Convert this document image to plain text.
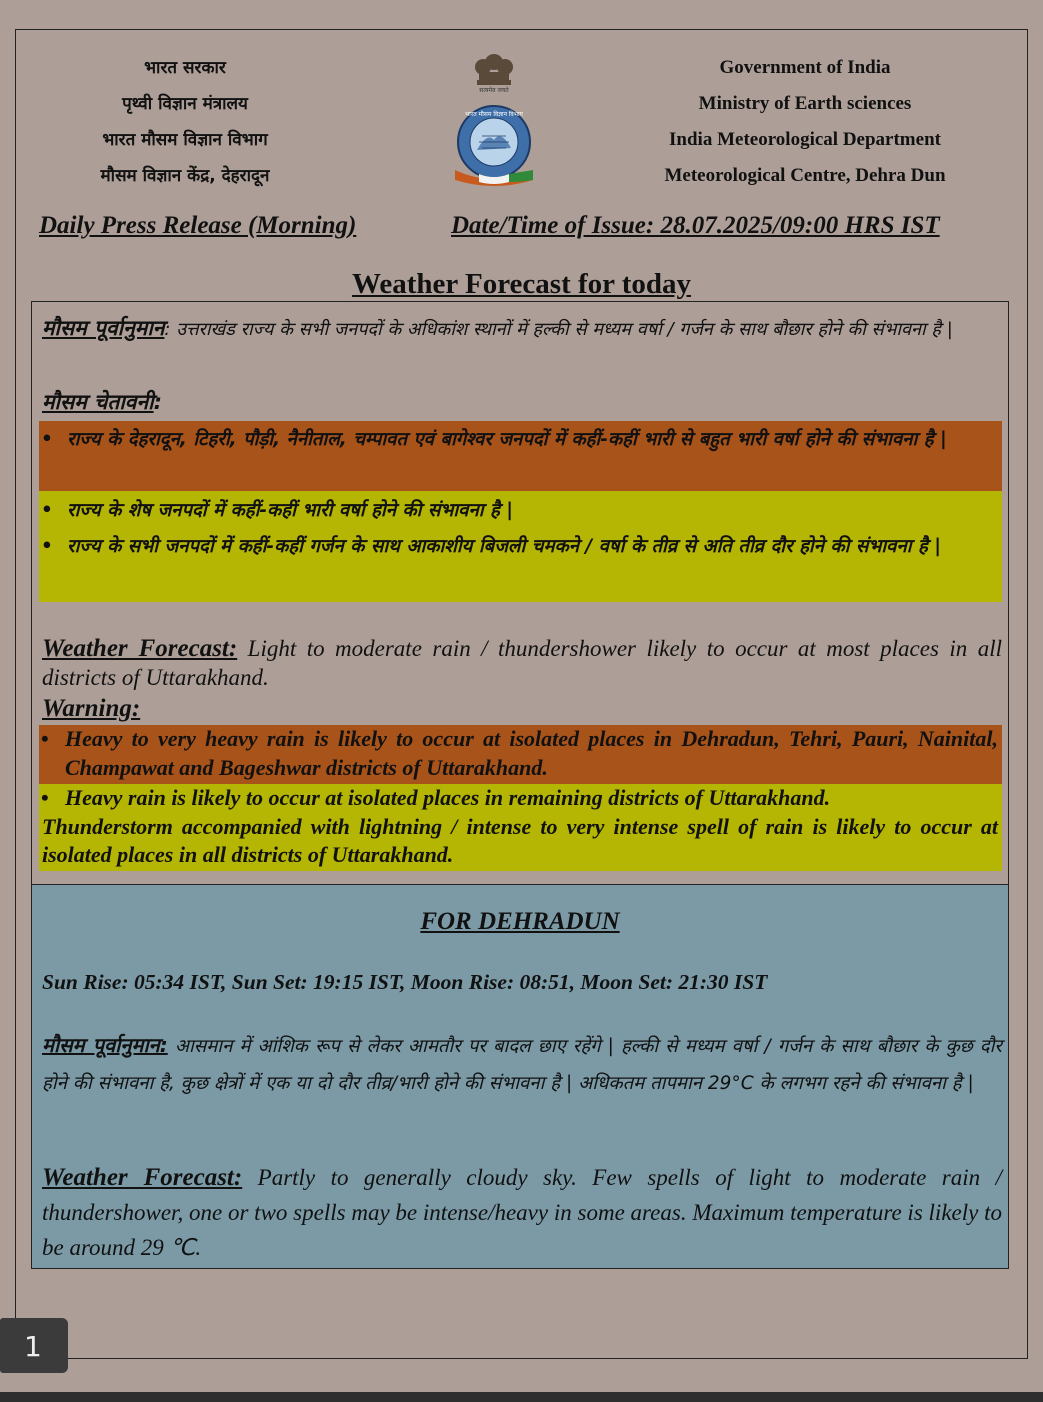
भारत सरकार
पृथ्वी विज्ञान मंत्रालय
भारत मौसम विज्ञान विभाग
मौसम विज्ञान केंद्र, देहरादून
सत्यमेव जयते
भारत मौसम विज्ञान विभाग
Government of India
Ministry of Earth sciences
India Meteorological Department
Meteorological Centre, Dehra Dun
Daily Press Release (Morning)	Date/Time of Issue: 28.07.2025/09:00 HRS IST
Weather Forecast for today
मौसम पूर्वानुमान: उत्तराखंड राज्य के सभी जनपदों के अधिकांश स्थानों में हल्की से मध्यम वर्षा / गर्जन के साथ बौछार होने की संभावना है |
मौसम चेतावनी:
• राज्य के देहरादून, टिहरी, पौड़ी, नैनीताल, चम्पावत एवं बागेश्वर जनपदों में कहीं-कहीं भारी से बहुत भारी वर्षा होने की संभावना है |
• राज्य के शेष जनपदों में कहीं-कहीं भारी वर्षा होने की संभावना है |
• राज्य के सभी जनपदों में कहीं-कहीं गर्जन के साथ आकाशीय बिजली चमकने / वर्षा के तीव्र से अति तीव्र दौर होने की संभावना है |
Weather Forecast: Light to moderate rain / thundershower likely to occur at most places in all districts of Uttarakhand.
Warning:
• Heavy to very heavy rain is likely to occur at isolated places in Dehradun, Tehri, Pauri, Nainital, Champawat and Bageshwar districts of Uttarakhand.
• Heavy rain is likely to occur at isolated places in remaining districts of Uttarakhand.
Thunderstorm accompanied with lightning / intense to very intense spell of rain is likely to occur at isolated places in all districts of Uttarakhand.
FOR DEHRADUN
Sun Rise: 05:34 IST, Sun Set: 19:15 IST, Moon Rise: 08:51, Moon Set: 21:30 IST
मौसम पूर्वानुमान: आसमान में आंशिक रूप से लेकर आमतौर पर बादल छाए रहेंगे | हल्की से मध्यम वर्षा / गर्जन के साथ बौछार के कुछ दौर होने की संभावना है, कुछ क्षेत्रों में एक या दो दौर तीव्र/भारी होने की संभावना है | अधिकतम तापमान 29°C के लगभग रहने की संभावना है |
Weather Forecast: Partly to generally cloudy sky. Few spells of light to moderate rain / thundershower, one or two spells may be intense/heavy in some areas. Maximum temperature is likely to be around 29 ℃.
1
